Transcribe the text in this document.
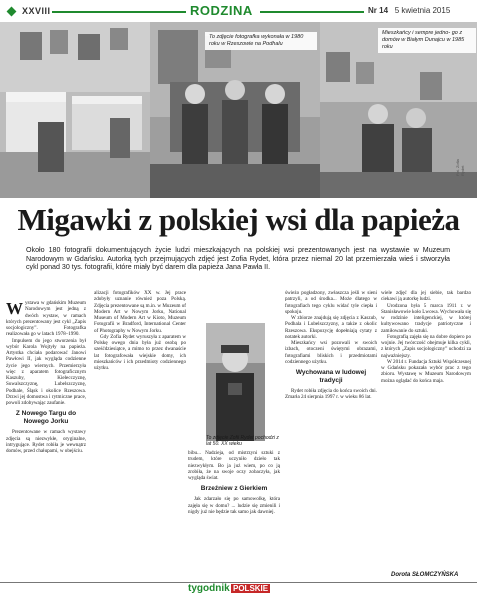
XXVIII	RODZINA	Nr 14 5 kwietnia 2015
To zdjęcie fotografka wykonała w 1980 roku w Rzeszowie na Podhalu
Mieszkańcy i sempre jedno- go z domów w Białym Dunajcu w 1985 roku
Fot. Zofia Rydet
Migawki z polskiej wsi dla papieża
Około 180 fotografii dokumentujących życie ludzi mieszkających na polskiej wsi prezentowanych jest na wystawie w Muzeum Narodowym w Gdańsku. Autorką tych przejmujących zdjęć jest Zofia Rydet, która przez niemal 20 lat przemierzała wieś i stworzyła cykl ponad 30 tys. fotografii, które miały być darem dla papieża Jana Pawła II.

Wystawa w gdańskim Muzeum Narodowym jest jedną z dwóch wystaw, w ramach których prezentowany jest cykl „Zapis socjologiczny”. Fotografka realizowała go w latach 1978–1990.

Impulsem do jego stworzenia był wybór Karola Wojtyły na papieża. Artystka chciała podarować Janowi Pawłowi II, jak wygląda codzienne życie jego wiernych. Przemierzyła więc z aparatem fotograficznym Kaszuby, Kielecczyznę, Suwalszczyznę, Lubelszczyznę, Podhale, Śląsk i okolice Rzeszowa. Drzwi jej domostwa i rytmiczne prace, powoli zdobywając zaufanie.

Z Nowego Targu do Nowego Jorku

Prezentowane w ramach wystawy zdjęcia są niezwykłe, oryginalne, intrygujące. Rydet robiła je wewnątrz domów, przed chałupami, w obejściu.

alizacji fotografików XX w. Jej prace zdobyły uznanie również poza Polską. Zdjęcia prezentowane są m.in. w Muzeum of Modern Art w Nowym Jorku, National Museum of Modern Art w Kioto, Muzeum Fotografii w Bradford, International Center of Photography w Nowym Jorku.

Gdy Zofia Rydet wyruszyła z aparatem w Polskę owego dnia była już osobą po sześćdziesiątce, a mimo to przez dwanaście lat fotografowała wiejskie domy, ich mieszkańców i ich przedmioty codziennego użytku.

To zdjęcie Zofii Rydet pochodzi z lat 50. XX wieku

bibu... Nadzieja, od mistrzyni sztuki z trudem, które uczyniło dzieło tak niezwykłym. Bo ja już wiem, po co ją zrobiła, że na swoje oczy zobaczyła, jak wygląda świat.

Brzeźniew z Gierkiem

Jak zdarzało się po samowolkę, która zajęła się w domu? ... ludzie się zmienili i nigdy już nie będzie tak samo jak dawniej.

świeżo pogładzony, zwłaszcza jeśli w sieni patrzyli, a od środka... Może dlatego w fotografiach tego cyklu widać tyle ciepła i spokoju.

W zbiorze znajdują się zdjęcia z Kaszub, Podhala i Lubelszczyzny, a także z okolic Rzeszowa. Ekspozycję dopełniają cytaty z notatek autorki.

Mieszkańcy wsi pozowali w swoich izbach, otoczeni świętymi obrazami, fotografiami bliskich i przedmiotami codziennego użytku.

Wychowana w ludowej tradycji

Rydet robiła zdjęcia do końca swoich dni. Zmarła 24 sierpnia 1997 r. w wieku 86 lat.

wiele zdjęć dla jej siebie, tak bardzo ciekawi ją autorkę ludzi.

Urodzona była 5 marca 1911 r. w Stanisławowie koło Lwowa. Wychowała się w rodzinie inteligenckiej, w której kultywowano tradycje patriotyczne i zamiłowanie do sztuki.

Fotografią zajęła się na dobre dopiero po wojnie. Jej twórczość obejmuje kilka cykli, z których „Zapis socjologiczny” uchodzi za najważniejszy.

W 2014 r. Fundacja Sztuki Współczesnej w Gdańsku pokazała wybór prac z tego zbioru. Wystawę w Muzeum Narodowym można oglądać do końca maja.

Dorota SŁOMCZYŃSKA
tygodnik POLSKIE
